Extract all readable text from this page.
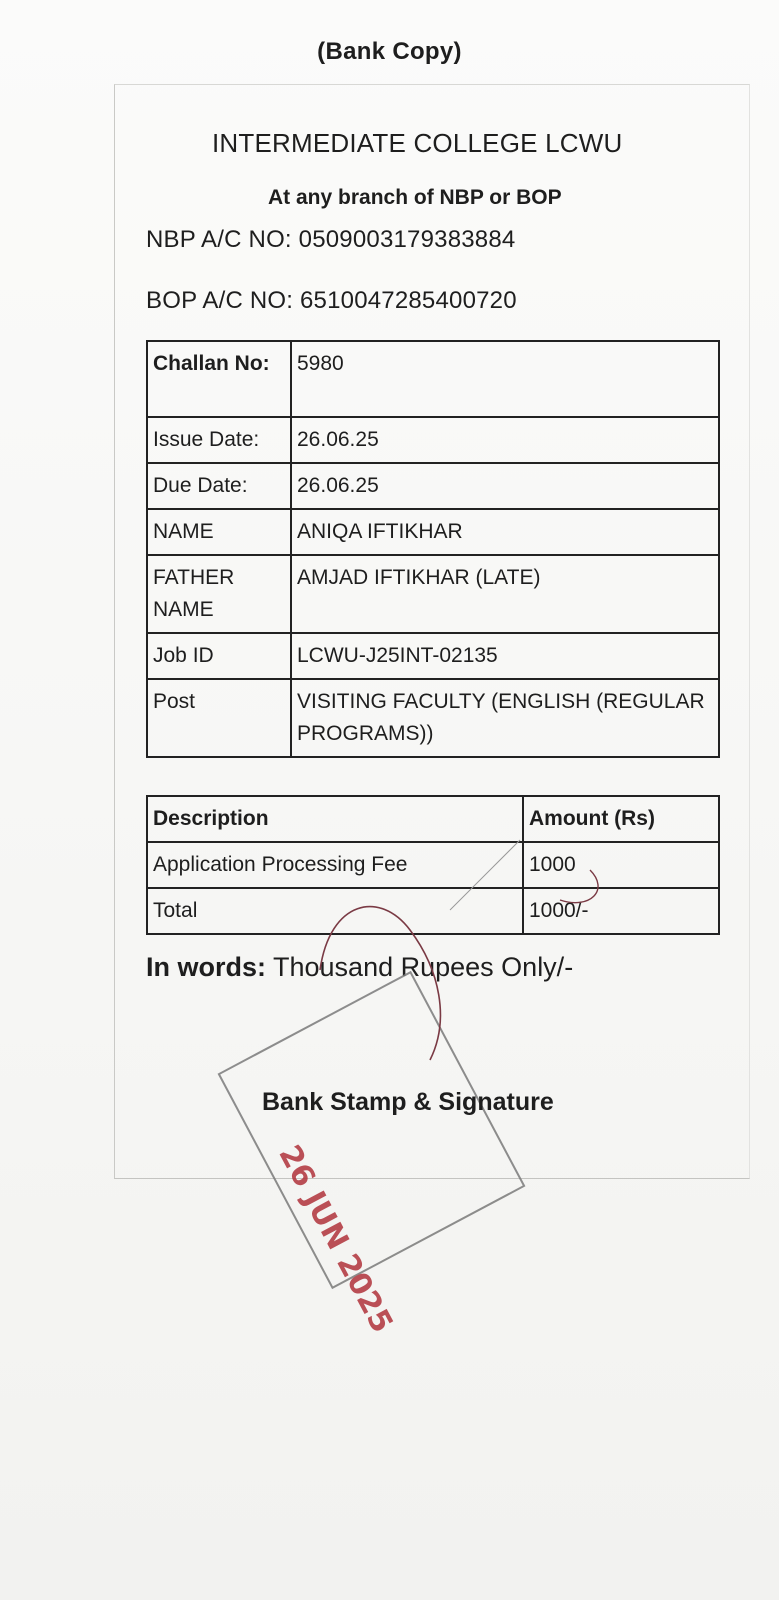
(Bank Copy)
INTERMEDIATE COLLEGE LCWU
At any branch of NBP or BOP
NBP A/C NO: 0509003179383884
BOP A/C NO: 6510047285400720
Challan No:	5980
Issue Date:	26.06.25
Due Date:	26.06.25
NAME	ANIQA IFTIKHAR
FATHER NAME	AMJAD IFTIKHAR (LATE)
Job ID	LCWU-J25INT-02135
Post	VISITING FACULTY (ENGLISH (REGULAR PROGRAMS))
Description	Amount (Rs)
Application Processing Fee	1000
Total	1000/-
In words: Thousand Rupees Only/-
26 JUN 2025
Bank Stamp & Signature
